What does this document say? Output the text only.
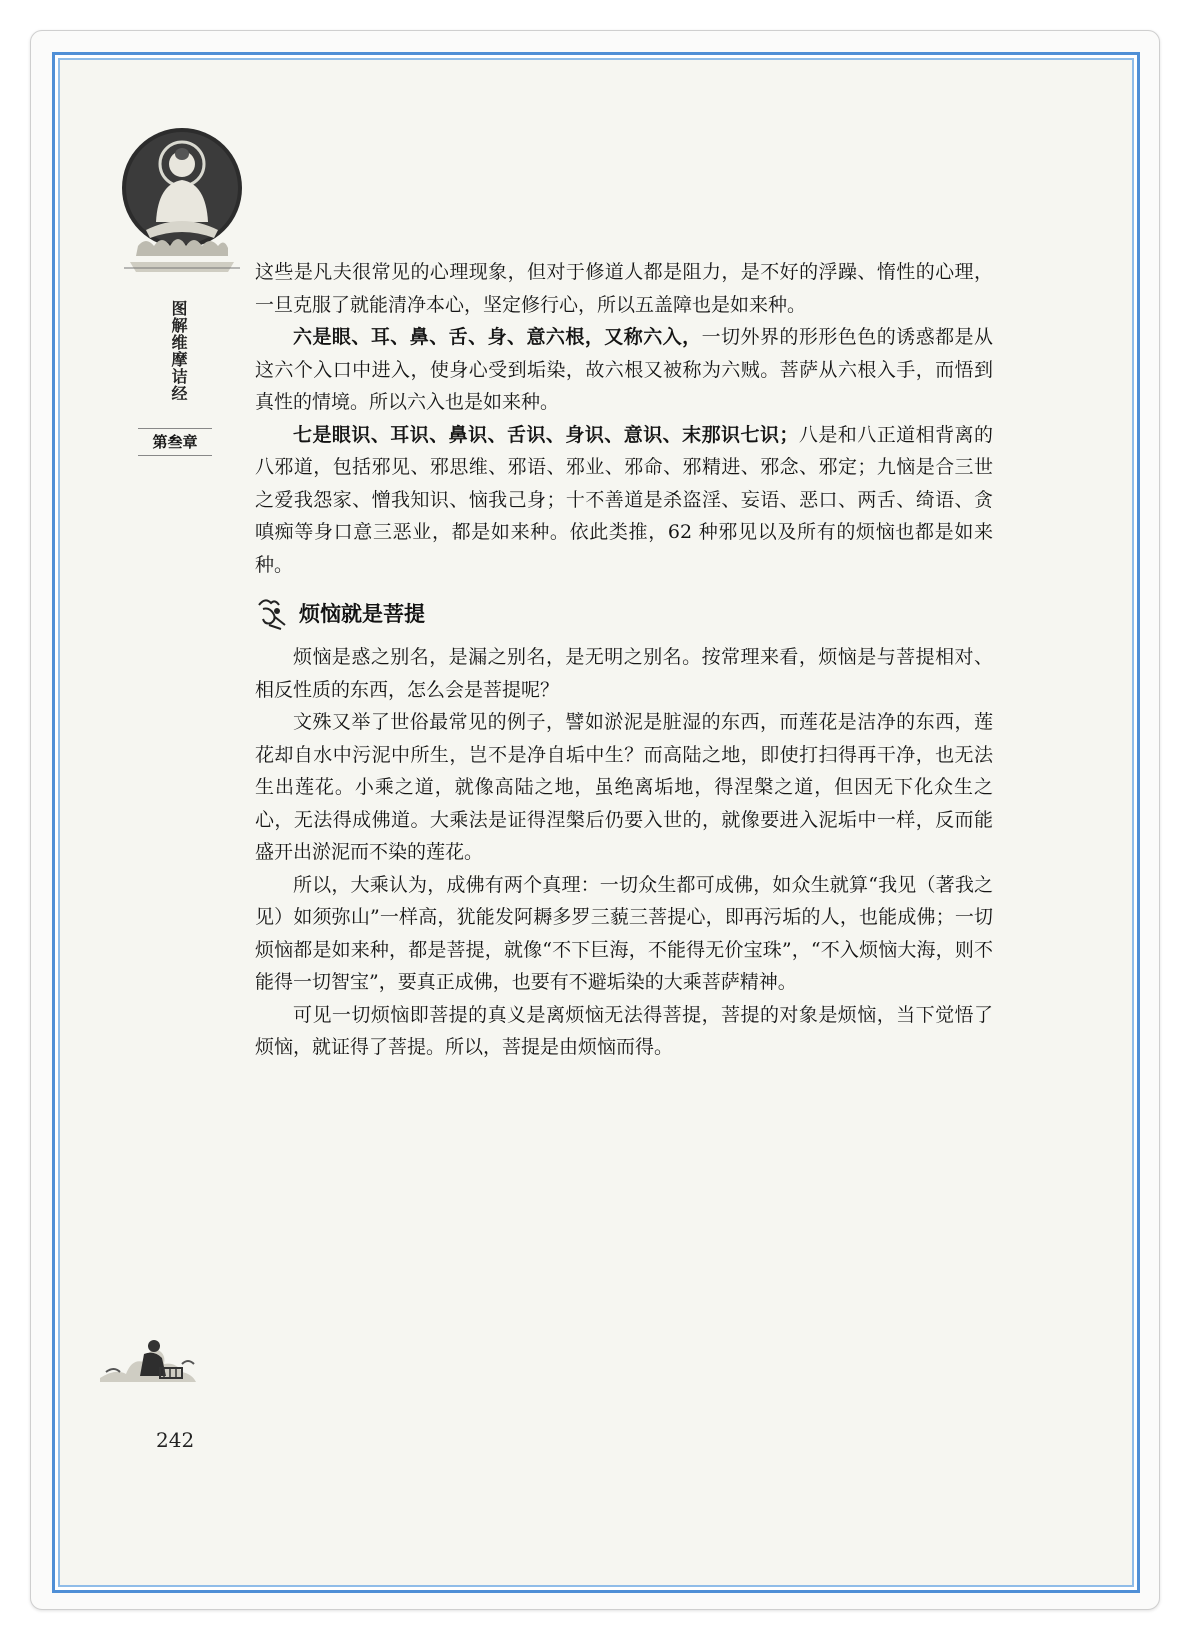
图解维摩诘经
第叁章

这些是凡夫很常见的心理现象，但对于修道人都是阻力，是不好的浮躁、惰性的心理，一旦克服了就能清净本心，坚定修行心，所以五盖障也是如来种。

六是眼、耳、鼻、舌、身、意六根，又称六入，一切外界的形形色色的诱惑都是从这六个入口中进入，使身心受到垢染，故六根又被称为六贼。菩萨从六根入手，而悟到真性的情境。所以六入也是如来种。

七是眼识、耳识、鼻识、舌识、身识、意识、末那识七识；八是和八正道相背离的八邪道，包括邪见、邪思维、邪语、邪业、邪命、邪精进、邪念、邪定；九恼是合三世之爱我怨家、憎我知识、恼我己身；十不善道是杀盗淫、妄语、恶口、两舌、绮语、贪嗔痴等身口意三恶业，都是如来种。依此类推，62 种邪见以及所有的烦恼也都是如来种。

烦恼就是菩提

烦恼是惑之别名，是漏之别名，是无明之别名。按常理来看，烦恼是与菩提相对、相反性质的东西，怎么会是菩提呢？

文殊又举了世俗最常见的例子，譬如淤泥是脏湿的东西，而莲花是洁净的东西，莲花却自水中污泥中所生，岂不是净自垢中生？而高陆之地，即使打扫得再干净，也无法生出莲花。小乘之道，就像高陆之地，虽绝离垢地，得涅槃之道，但因无下化众生之心，无法得成佛道。大乘法是证得涅槃后仍要入世的，就像要进入泥垢中一样，反而能盛开出淤泥而不染的莲花。

所以，大乘认为，成佛有两个真理：一切众生都可成佛，如众生就算“我见（著我之见）如须弥山”一样高，犹能发阿耨多罗三藐三菩提心，即再污垢的人，也能成佛；一切烦恼都是如来种，都是菩提，就像“不下巨海，不能得无价宝珠”，“不入烦恼大海，则不能得一切智宝”，要真正成佛，也要有不避垢染的大乘菩萨精神。

可见一切烦恼即菩提的真义是离烦恼无法得菩提，菩提的对象是烦恼，当下觉悟了烦恼，就证得了菩提。所以，菩提是由烦恼而得。

242
